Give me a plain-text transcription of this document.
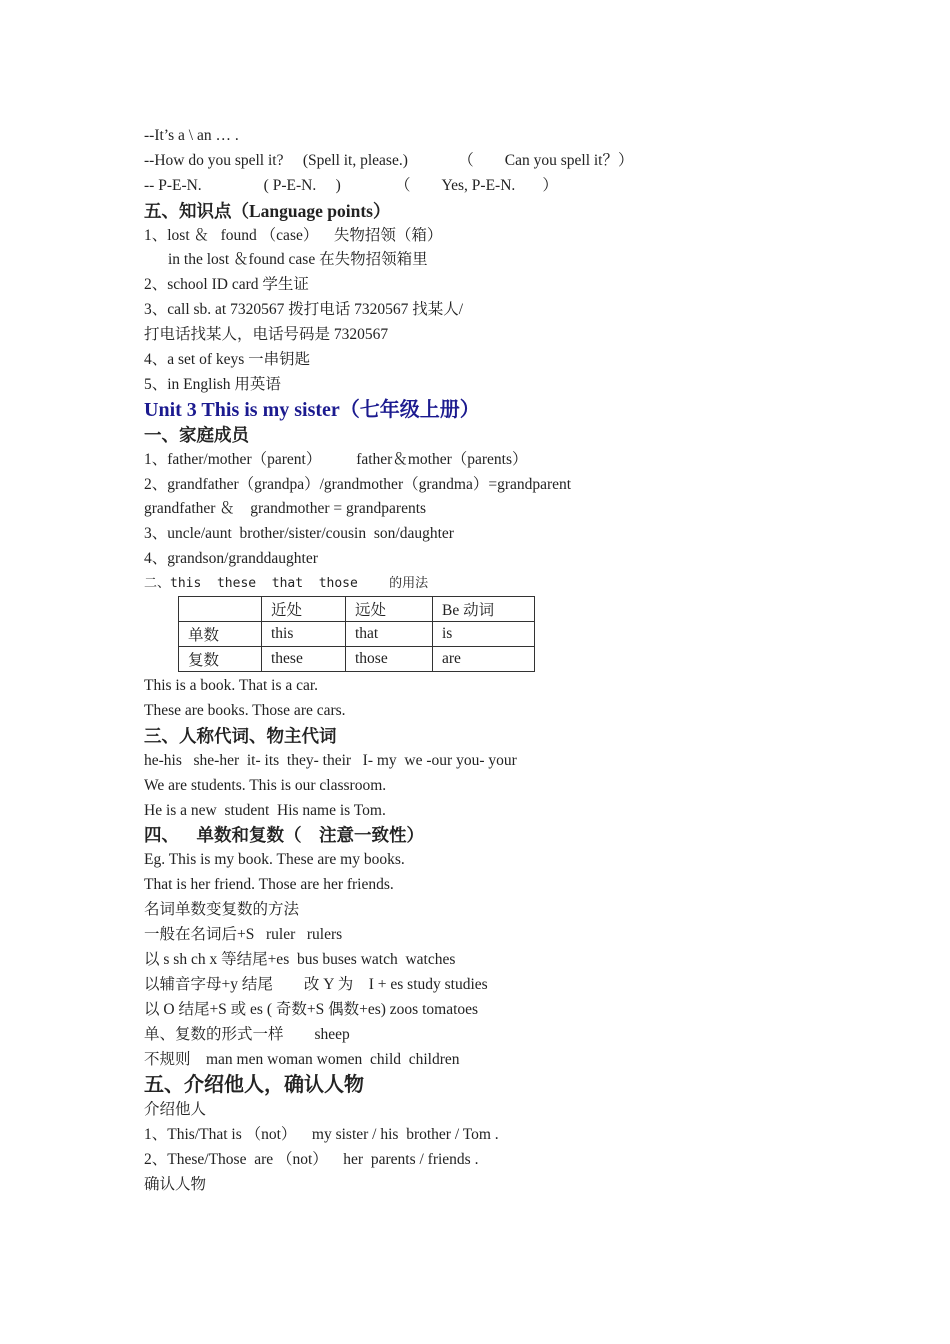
--It’s a \ an … .
--How do you spell it?     (Spell it, please.)             （        Can you spell it？）
-- P-E-N.                ( P-E-N.     )              （        Yes, P-E-N.       ）
五、知识点（Language points）
1、lost ＆   found （case）    失物招领（箱）
in the lost ＆found case 在失物招领箱里
2、school ID card 学生证
3、call sb. at 7320567 拨打电话 7320567 找某人/
打电话找某人，电话号码是 7320567
4、a set of keys 一串钥匙
5、in English 用英语
Unit 3 This is my sister（七年级上册）
一、家庭成员
1、father/mother（parent）         father＆mother（parents）
2、grandfather（grandpa）/grandmother（grandma）=grandparent
grandfather ＆    grandmother = grandparents
3、uncle/aunt  brother/sister/cousin  son/daughter
4、grandson/granddaughter
二、this  these  that  those    的用法
	近处	远处	Be 动词
单数	this	that	is
复数	these	those	are
This is a book. That is a car.
These are books. Those are cars.
三、人称代词、物主代词
he-his   she-her  it- its  they- their   I- my  we -our you- your
We are students. This is our classroom.
He is a new  student  His name is Tom.
四、    单数和复数（    注意一致性）
Eg. This is my book. These are my books.
That is her friend. Those are her friends.
名词单数变复数的方法
一般在名词后+S   ruler   rulers
以 s sh ch x 等结尾+es  bus buses watch  watches
以辅音字母+y 结尾        改 Y 为    I + es study studies
以 O 结尾+S 或 es ( 奇数+S 偶数+es) zoos tomatoes
单、复数的形式一样        sheep
不规则    man men woman women  child  children
五、介绍他人，确认人物
介绍他人
1、This/That is （not）    my sister / his  brother / Tom .
2、These/Those  are （not）    her  parents / friends .
确认人物
